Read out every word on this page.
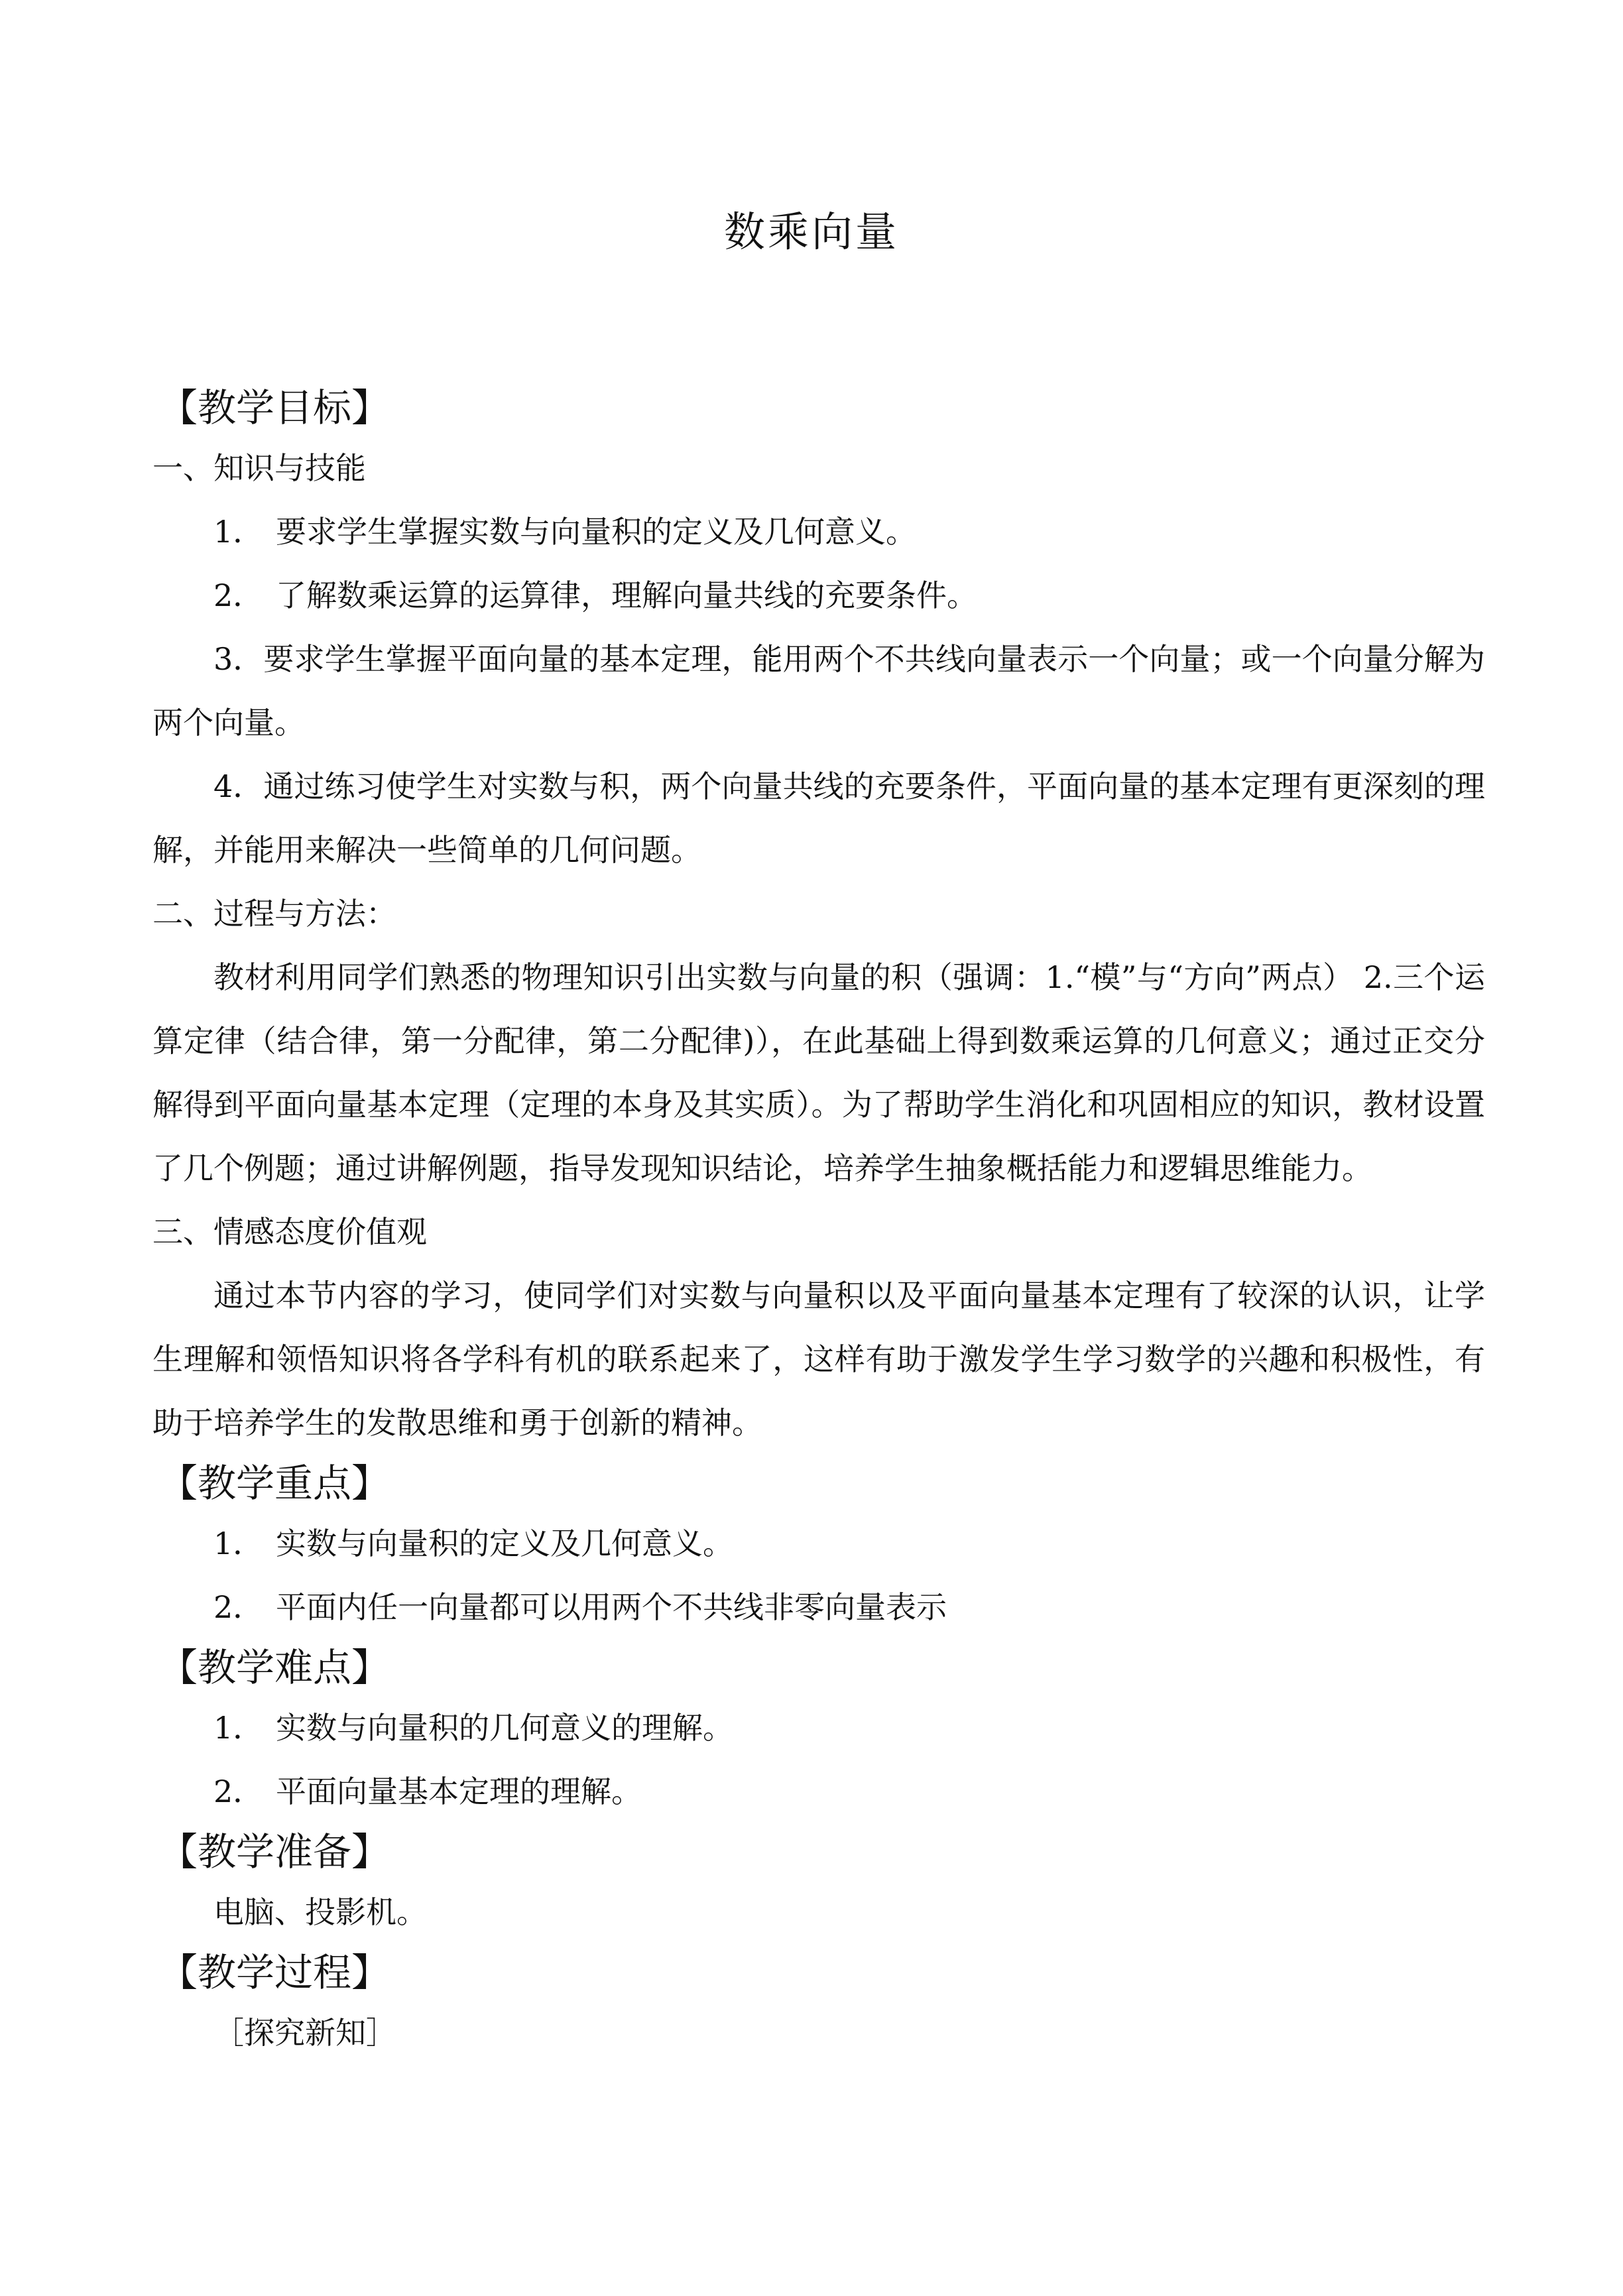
数乘向量
【教学目标】
一、知识与技能
1． 要求学生掌握实数与向量积的定义及几何意义。
2． 了解数乘运算的运算律，理解向量共线的充要条件。
3．要求学生掌握平面向量的基本定理，能用两个不共线向量表示一个向量；或一个向量分解为两个向量。
4．通过练习使学生对实数与积，两个向量共线的充要条件，平面向量的基本定理有更深刻的理解，并能用来解决一些简单的几何问题。
二、过程与方法：
教材利用同学们熟悉的物理知识引出实数与向量的积（强调：1.“模”与“方向”两点） 2.三个运算定律（结合律，第一分配律，第二分配律)），在此基础上得到数乘运算的几何意义；通过正交分解得到平面向量基本定理（定理的本身及其实质）。为了帮助学生消化和巩固相应的知识，教材设置了几个例题；通过讲解例题，指导发现知识结论，培养学生抽象概括能力和逻辑思维能力。
三、情感态度价值观
通过本节内容的学习，使同学们对实数与向量积以及平面向量基本定理有了较深的认识，让学生理解和领悟知识将各学科有机的联系起来了，这样有助于激发学生学习数学的兴趣和积极性，有助于培养学生的发散思维和勇于创新的精神。
【教学重点】
1． 实数与向量积的定义及几何意义。
2． 平面内任一向量都可以用两个不共线非零向量表示
【教学难点】
1． 实数与向量积的几何意义的理解。
2． 平面向量基本定理的理解。
【教学准备】
电脑、投影机。
【教学过程】
［探究新知］
